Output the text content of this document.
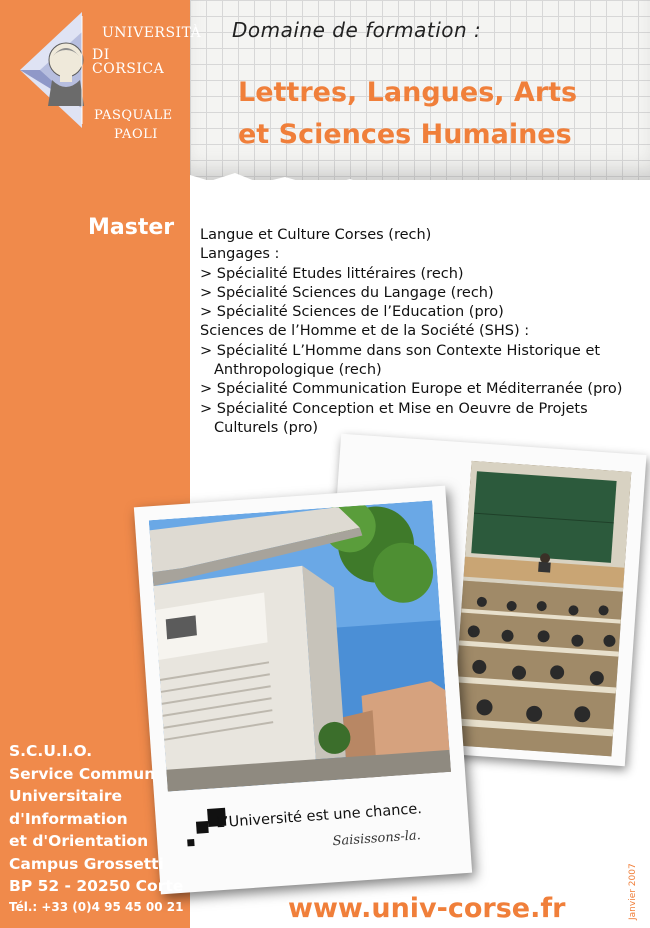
UNIVERSITÀ
DI CORSICA
PASQUALE
PAOLI
Domaine de formation :
Lettres, Langues, Arts
et Sciences Humaines
Master Langue et Culture Corses (rech)
Langages :
> Spécialité Etudes littéraires (rech)
> Spécialité Sciences du Langage (rech)
> Spécialité Sciences de l’Education (pro)
Sciences de l’Homme et de la Société (SHS) :
> Spécialité L’Homme dans son Contexte Historique et
Anthropologique (rech)
> Spécialité Communication Europe et Méditerranée (pro)
> Spécialité Conception et Mise en Oeuvre de Projets
Culturels (pro)
L’Université est une chance.
Saisissons-la.
S.C.U.I.O.
Service Commun
Universitaire
d'Information
et d'Orientation
Campus Grossetti
BP 52 - 20250 Corte
Tél.: +33 (0)4 95 45 00 21	www.univ-corse.fr	Janvier 2007
